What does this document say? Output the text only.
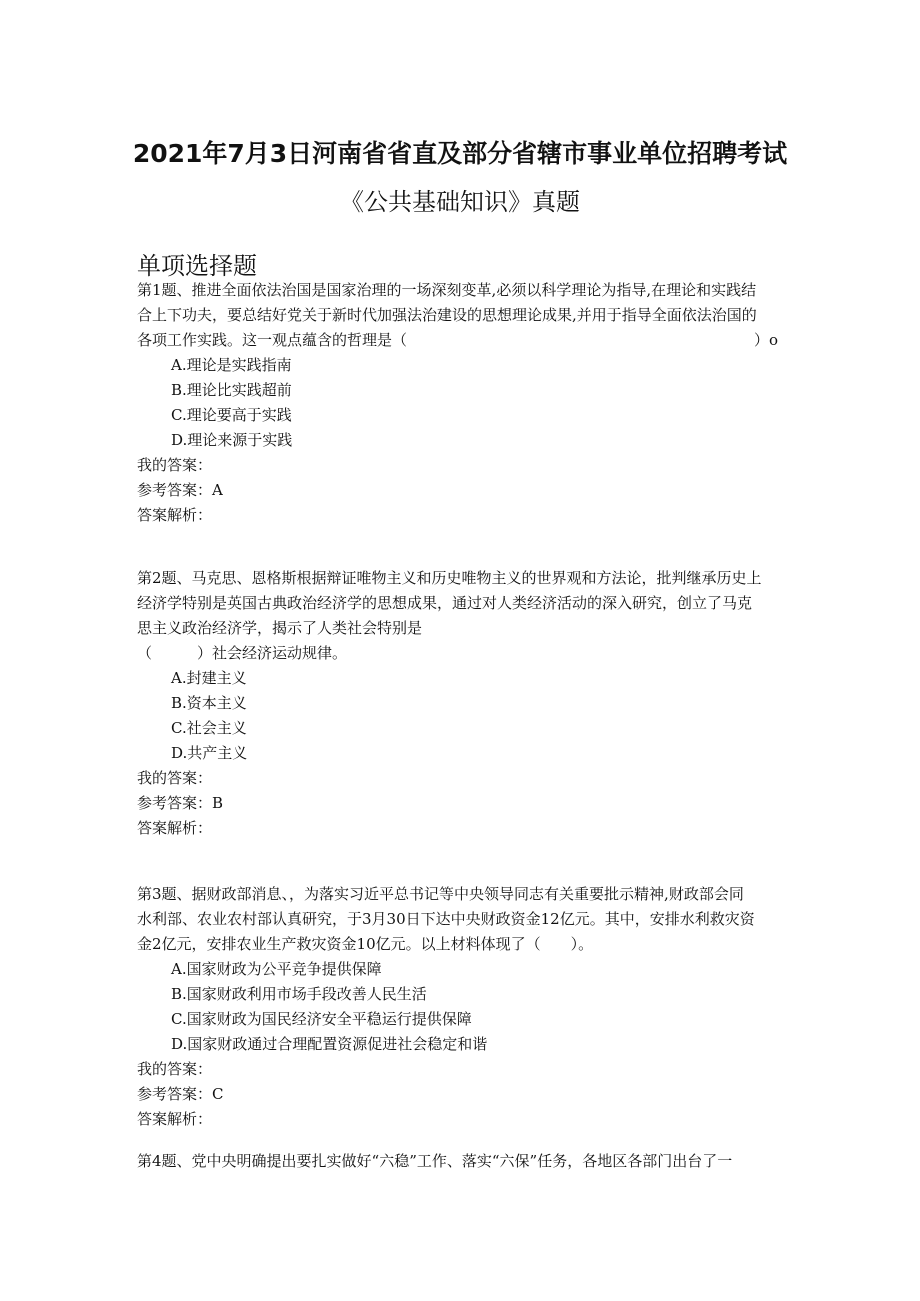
2021年7月3日河南省省直及部分省辖市事业单位招聘考试
《公共基础知识》真题
单项选择题
第1题、推进全面依法治国是国家治理的一场深刻变革,必须以科学理论为指导,在理论和实践结
合上下功夫，要总结好党关于新时代加强法治建设的思想理论成果,并用于指导全面依法治国的
各项工作实践。这一观点蕴含的哲理是（	）o
A.理论是实践指南
B.理论比实践超前
C.理论要高于实践
D.理论来源于实践
我的答案：
参考答案：A
答案解析：
第2题、马克思、恩格斯根据辩证唯物主义和历史唯物主义的世界观和方法论，批判继承历史上
经济学特别是英国古典政治经济学的思想成果，通过对人类经济活动的深入研究，创立了马克
思主义政治经济学，揭示了人类社会特别是
（　　　）社会经济运动规律。
A.封建主义
B.资本主义
C.社会主义
D.共产主义
我的答案：
参考答案：B
答案解析：
第3题、据财政部消息、，为落实习近平总书记等中央领导同志有关重要批示精神,财政部会同
水利部、农业农村部认真研究，于3月30日下达中央财政资金12亿元。其中，安排水利救灾资
金2亿元，安排农业生产救灾资金10亿元。以上材料体现了（　　）。
A.国家财政为公平竞争提供保障
B.国家财政利用市场手段改善人民生活
C.国家财政为国民经济安全平稳运行提供保障
D.国家财政通过合理配置资源促进社会稳定和谐
我的答案：
参考答案：C
答案解析：
第4题、党中央明确提出要扎实做好“六稳”工作、落实“六保”任务，各地区各部门出台了一
